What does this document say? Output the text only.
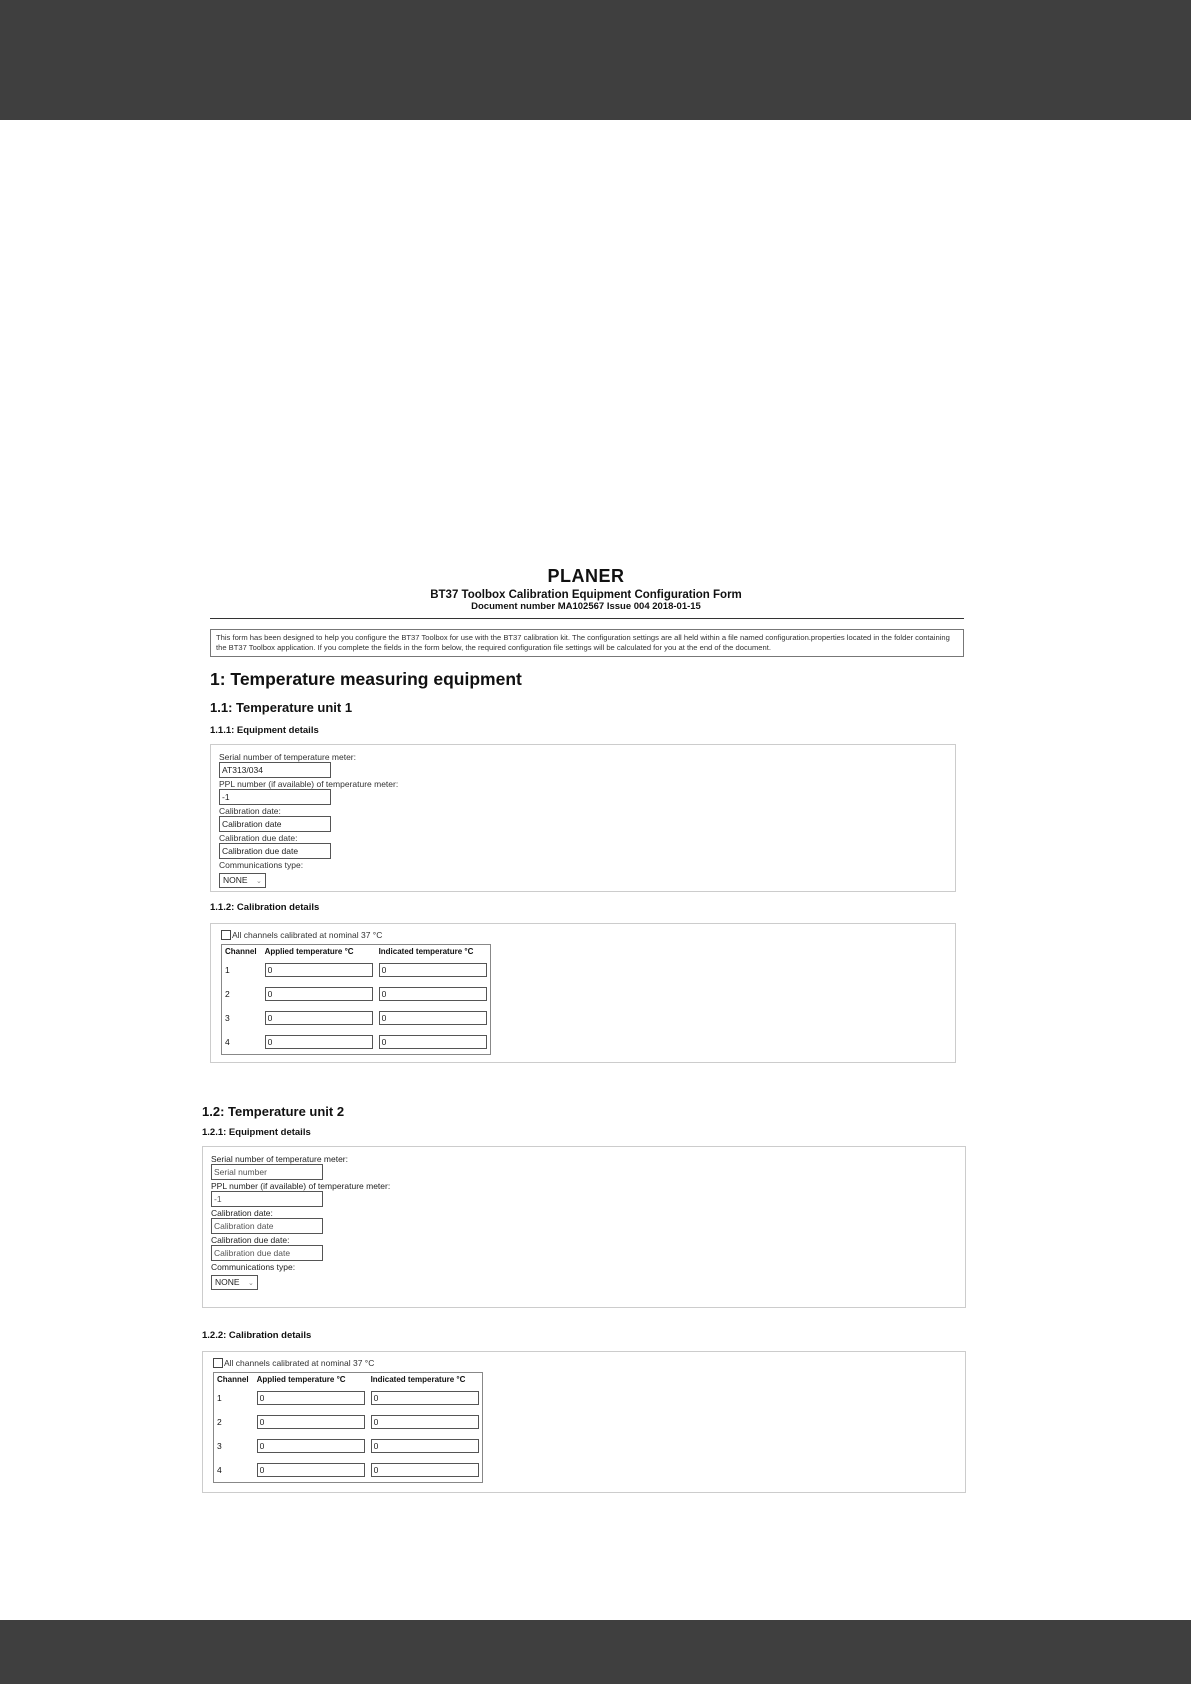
PLANER

BT37 Toolbox Calibration Equipment Configuration Form

Document number MA102567 Issue 004 2018-01-15

This form has been designed to help you configure the BT37 Toolbox for use with the BT37 calibration kit. The configuration settings are all held within a file named configuration.properties located in the folder containing the BT37 Toolbox application. If you complete the fields in the form below, the required configuration file settings will be calculated for you at the end of the document.
1: Temperature measuring equipment
1.1: Temperature unit 1
1.1.1: Equipment details
Serial number of temperature meter:
AT313/034
PPL number (if available) of temperature meter:
-1
Calibration date:
Calibration date
Calibration due date:
Calibration due date
Communications type:
NONE ⌄
1.1.2: Calibration details
All channels calibrated at nominal 37 °C
Channel	Applied temperature °C	Indicated temperature °C
1	0	0

2	0	0

3	0	0

4	0	0
1.2: Temperature unit 2
1.2.1: Equipment details
Serial number of temperature meter:
Serial number
PPL number (if available) of temperature meter:
-1
Calibration date:
Calibration date
Calibration due date:
Calibration due date
Communications type:
NONE ⌄
1.2.2: Calibration details
All channels calibrated at nominal 37 °C
Channel	Applied temperature °C	Indicated temperature °C
1	0	0

2	0	0

3	0	0

4	0	0
